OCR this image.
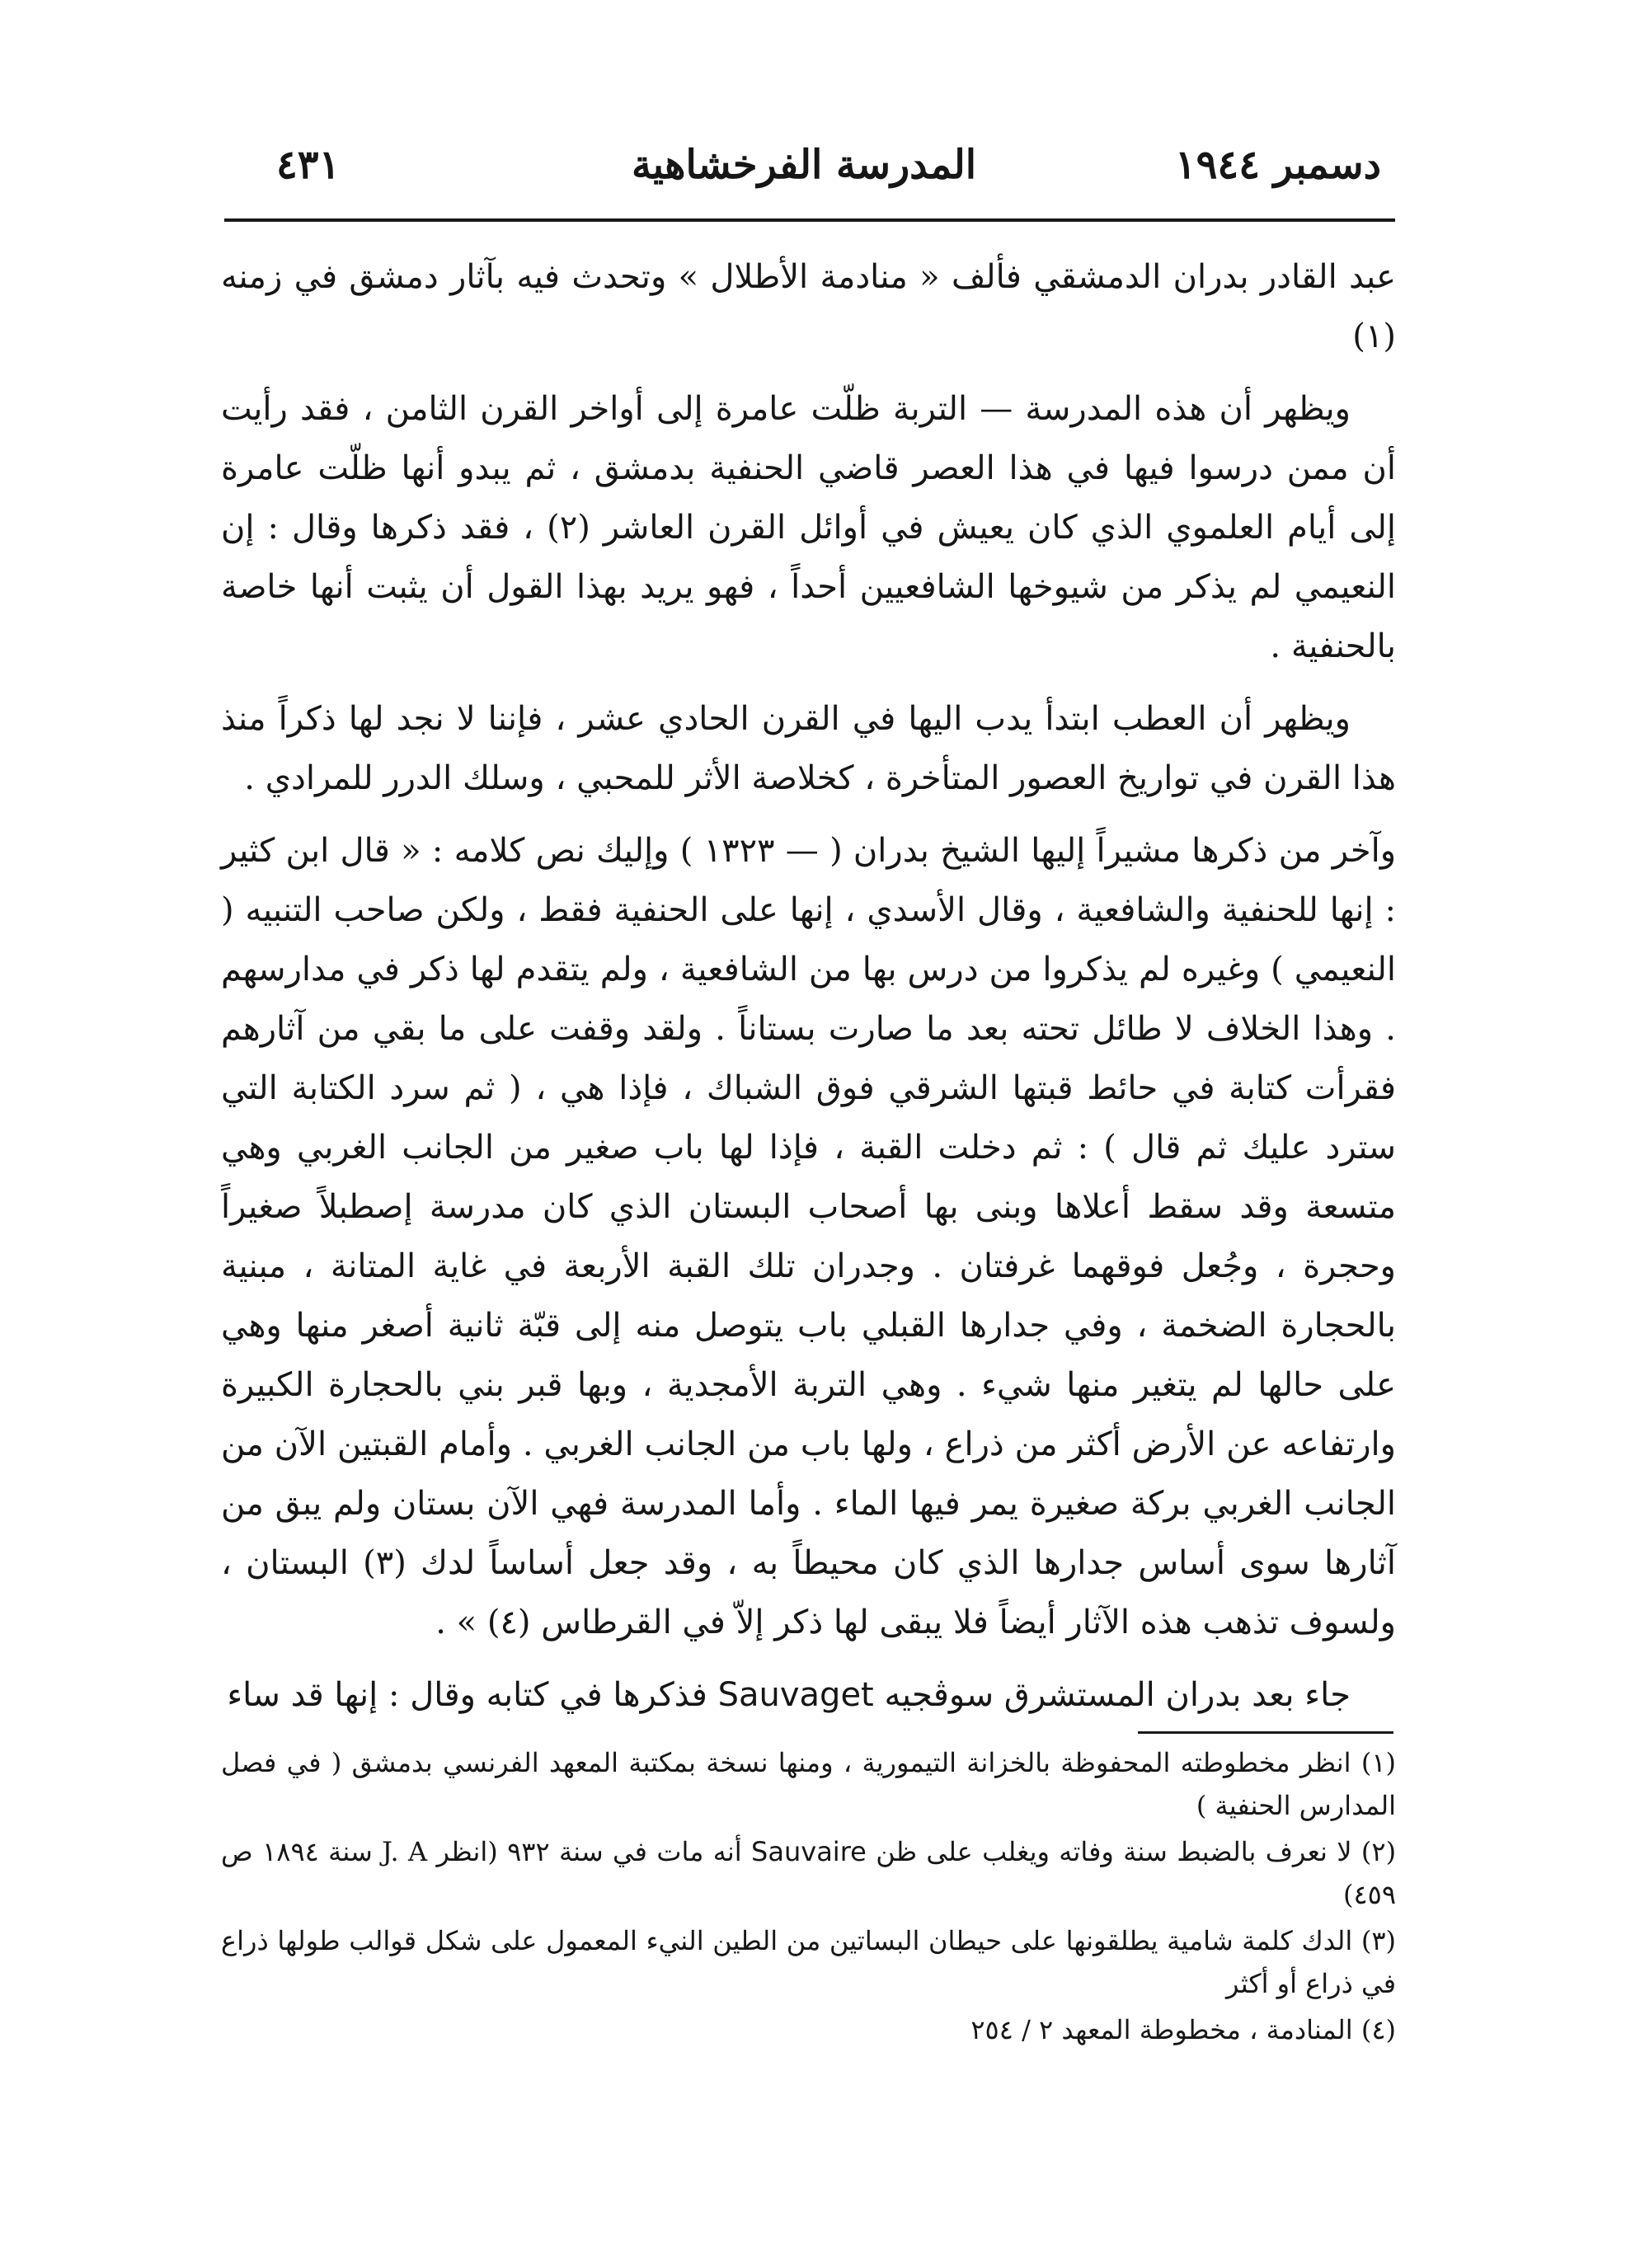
دسمبر ١٩٤٤
المدرسة الفرخشاهية
٤٣١

عبد القادر بدران الدمشقي فألف « منادمة الأطلال » وتحدث فيه بآثار دمشق في زمنه (١)

ويظهر أن هذه المدرسة — التربة ظلّت عامرة إلى أواخر القرن الثامن ، فقد رأيت أن ممن درسوا فيها في هذا العصر قاضي الحنفية بدمشق ، ثم يبدو أنها ظلّت عامرة إلى أيام العلموي الذي كان يعيش في أوائل القرن العاشر (٢) ، فقد ذكرها وقال : إن النعيمي لم يذكر من شيوخها الشافعيين أحداً ، فهو يريد بهذا القول أن يثبت أنها خاصة بالحنفية .

ويظهر أن العطب ابتدأ يدب اليها في القرن الحادي عشر ، فإننا لا نجد لها ذكراً منذ هذا القرن في تواريخ العصور المتأخرة ، كخلاصة الأثر للمحبي ، وسلك الدرر للمرادي .

وآخر من ذكرها مشيراً إليها الشيخ بدران ( — ١٣٢٣ ) وإليك نص كلامه : « قال ابن كثير : إنها للحنفية والشافعية ، وقال الأسدي ، إنها على الحنفية فقط ، ولكن صاحب التنبيه ( النعيمي ) وغيره لم يذكروا من درس بها من الشافعية ، ولم يتقدم لها ذكر في مدارسهم . وهذا الخلاف لا طائل تحته بعد ما صارت بستاناً . ولقد وقفت على ما بقي من آثارهم فقرأت كتابة في حائط قبتها الشرقي فوق الشباك ، فإذا هي ، ( ثم سرد الكتابة التي سترد عليك ثم قال ) : ثم دخلت القبة ، فإذا لها باب صغير من الجانب الغربي وهي متسعة وقد سقط أعلاها وبنى بها أصحاب البستان الذي كان مدرسة إصطبلاً صغيراً وحجرة ، وجُعل فوقهما غرفتان . وجدران تلك القبة الأربعة في غاية المتانة ، مبنية بالحجارة الضخمة ، وفي جدارها القبلي باب يتوصل منه إلى قبّة ثانية أصغر منها وهي على حالها لم يتغير منها شيء . وهي التربة الأمجدية ، وبها قبر بني بالحجارة الكبيرة وارتفاعه عن الأرض أكثر من ذراع ، ولها باب من الجانب الغربي . وأمام القبتين الآن من الجانب الغربي بركة صغيرة يمر فيها الماء . وأما المدرسة فهي الآن بستان ولم يبق من آثارها سوى أساس جدارها الذي كان محيطاً به ، وقد جعل أساساً لدك (٣) البستان ، ولسوف تذهب هذه الآثار أيضاً فلا يبقى لها ذكر إلاّ في القرطاس (٤) » .

جاء بعد بدران المستشرق سوڤجيه Sauvaget فذكرها في كتابه وقال : إنها قد ساء

(١) انظر مخطوطته المحفوظة بالخزانة التيمورية ، ومنها نسخة بمكتبة المعهد الفرنسي بدمشق ( في فصل المدارس الحنفية )

(٢) لا نعرف بالضبط سنة وفاته ويغلب على ظن Sauvaire أنه مات في سنة ٩٣٢ (انظر J. A سنة ١٨٩٤ ص ٤٥٩)

(٣) الدك كلمة شامية يطلقونها على حيطان البساتين من الطين النيء المعمول على شكل قوالب طولها ذراع في ذراع أو أكثر

(٤) المنادمة ، مخطوطة المعهد ٢ / ٢٥٤
